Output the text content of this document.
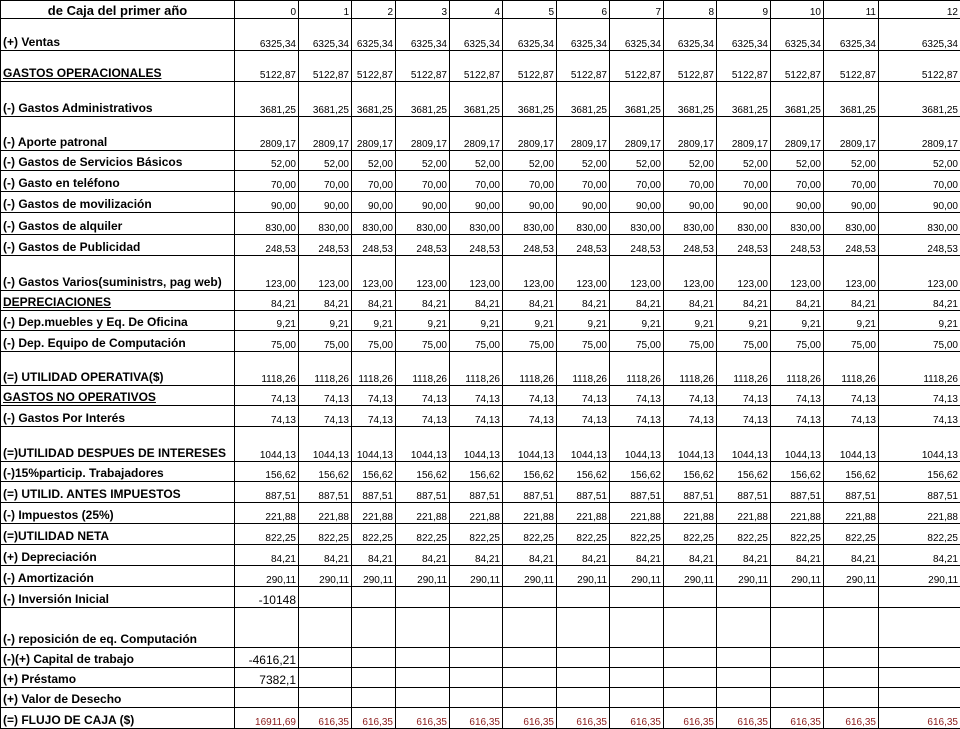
de Caja del primer año	0	1	2	3	4	5	6	7	8	9	10	11	12	
(+) Ventas	6325,34	6325,34	6325,34	6325,34	6325,34	6325,34	6325,34	6325,34	6325,34	6325,34	6325,34	6325,34	6325,34	
GASTOS OPERACIONALES	5122,87	5122,87	5122,87	5122,87	5122,87	5122,87	5122,87	5122,87	5122,87	5122,87	5122,87	5122,87	5122,87	
(-) Gastos Administrativos	3681,25	3681,25	3681,25	3681,25	3681,25	3681,25	3681,25	3681,25	3681,25	3681,25	3681,25	3681,25	3681,25	
(-) Aporte patronal	2809,17	2809,17	2809,17	2809,17	2809,17	2809,17	2809,17	2809,17	2809,17	2809,17	2809,17	2809,17	2809,17	
(-) Gastos de Servicios Básicos	52,00	52,00	52,00	52,00	52,00	52,00	52,00	52,00	52,00	52,00	52,00	52,00	52,00	
(-) Gasto en teléfono	70,00	70,00	70,00	70,00	70,00	70,00	70,00	70,00	70,00	70,00	70,00	70,00	70,00	
(-) Gastos de movilización	90,00	90,00	90,00	90,00	90,00	90,00	90,00	90,00	90,00	90,00	90,00	90,00	90,00	
(-) Gastos de alquiler	830,00	830,00	830,00	830,00	830,00	830,00	830,00	830,00	830,00	830,00	830,00	830,00	830,00	
(-) Gastos de Publicidad	248,53	248,53	248,53	248,53	248,53	248,53	248,53	248,53	248,53	248,53	248,53	248,53	248,53	
(-) Gastos Varios(suministrs, pag web)	123,00	123,00	123,00	123,00	123,00	123,00	123,00	123,00	123,00	123,00	123,00	123,00	123,00	
DEPRECIACIONES	84,21	84,21	84,21	84,21	84,21	84,21	84,21	84,21	84,21	84,21	84,21	84,21	84,21	
(-) Dep.muebles y Eq. De Oficina	9,21	9,21	9,21	9,21	9,21	9,21	9,21	9,21	9,21	9,21	9,21	9,21	9,21	
(-) Dep. Equipo de Computación	75,00	75,00	75,00	75,00	75,00	75,00	75,00	75,00	75,00	75,00	75,00	75,00	75,00	
(=) UTILIDAD OPERATIVA($)	1118,26	1118,26	1118,26	1118,26	1118,26	1118,26	1118,26	1118,26	1118,26	1118,26	1118,26	1118,26	1118,26	
GASTOS NO OPERATIVOS	74,13	74,13	74,13	74,13	74,13	74,13	74,13	74,13	74,13	74,13	74,13	74,13	74,13	
(-) Gastos Por Interés	74,13	74,13	74,13	74,13	74,13	74,13	74,13	74,13	74,13	74,13	74,13	74,13	74,13	
(=)UTILIDAD DESPUES DE INTERESES	1044,13	1044,13	1044,13	1044,13	1044,13	1044,13	1044,13	1044,13	1044,13	1044,13	1044,13	1044,13	1044,13	
(-)15%particip. Trabajadores	156,62	156,62	156,62	156,62	156,62	156,62	156,62	156,62	156,62	156,62	156,62	156,62	156,62	
(=) UTILID. ANTES IMPUESTOS	887,51	887,51	887,51	887,51	887,51	887,51	887,51	887,51	887,51	887,51	887,51	887,51	887,51	
(-) Impuestos (25%)	221,88	221,88	221,88	221,88	221,88	221,88	221,88	221,88	221,88	221,88	221,88	221,88	221,88	
(=)UTILIDAD NETA	822,25	822,25	822,25	822,25	822,25	822,25	822,25	822,25	822,25	822,25	822,25	822,25	822,25	
(+) Depreciación	84,21	84,21	84,21	84,21	84,21	84,21	84,21	84,21	84,21	84,21	84,21	84,21	84,21	
(-) Amortización	290,11	290,11	290,11	290,11	290,11	290,11	290,11	290,11	290,11	290,11	290,11	290,11	290,11	
(-) Inversión Inicial	-10148													
(-) reposición de eq. Computación														
(-)(+) Capital de trabajo	-4616,21													
(+) Préstamo	7382,1													
(+) Valor de Desecho														
(=) FLUJO DE CAJA ($)	16911,69	616,35	616,35	616,35	616,35	616,35	616,35	616,35	616,35	616,35	616,35	616,35	616,35	
